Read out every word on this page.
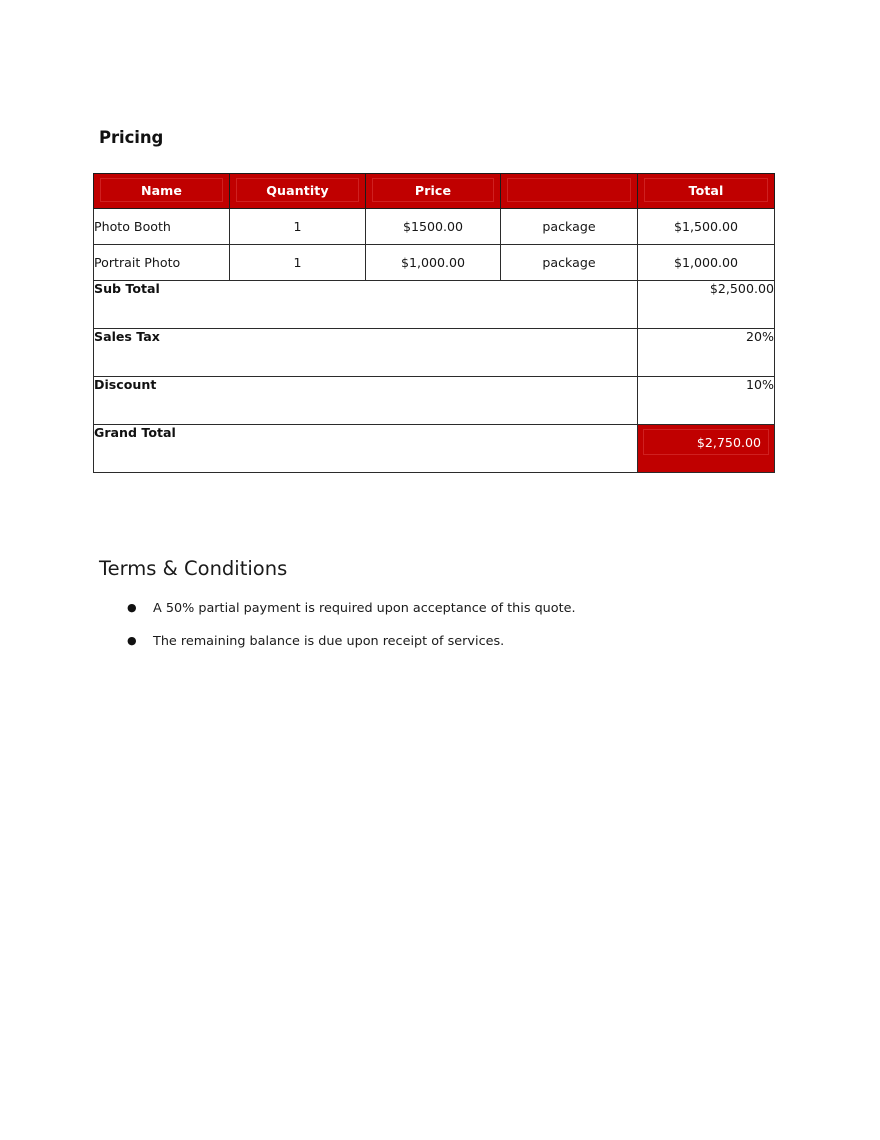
Pricing
Name	Quantity	Price		Total

Photo Booth	1	$1500.00	package	$1,500.00
Portrait Photo	1	$1,000.00	package	$1,000.00
Sub Total				$2,500.00
Sales Tax				20%
Discount				10%
Grand Total				$2,750.00
Terms & Conditions
● A 50% partial payment is required upon acceptance of this quote.
● The remaining balance is due upon receipt of services.
